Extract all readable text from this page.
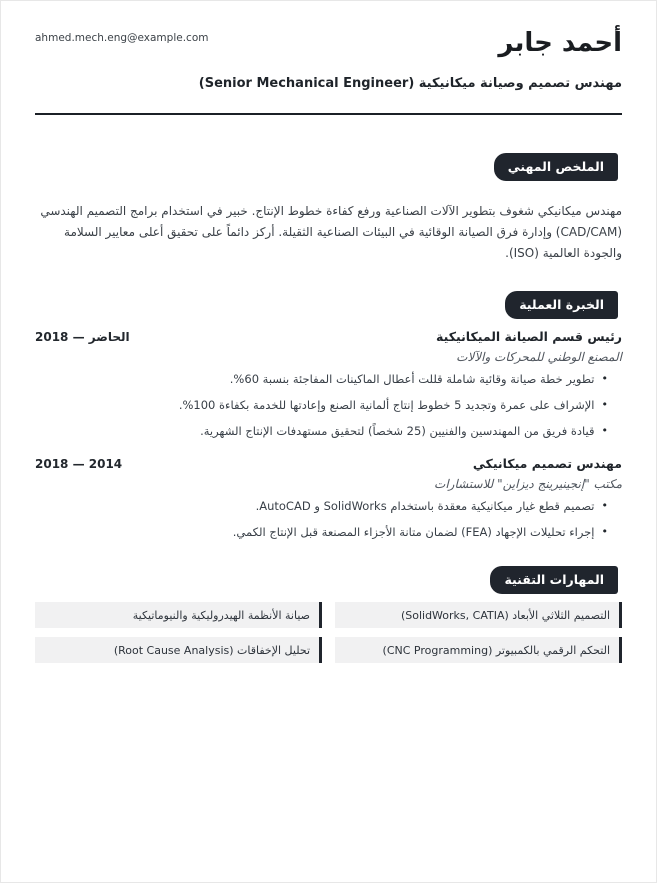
أحمد جابر
ahmed.mech.eng@example.com
مهندس تصميم وصيانة ميكانيكية (Senior Mechanical Engineer)
الملخص المهني

مهندس ميكانيكي شغوف بتطوير الآلات الصناعية ورفع كفاءة خطوط الإنتاج. خبير في استخدام برامج التصميم الهندسي (CAD/CAM) وإدارة فرق الصيانة الوقائية في البيئات الصناعية الثقيلة. أركز دائماً على تحقيق أعلى معايير السلامة والجودة العالمية (ISO).

الخبرة العملية
رئيس قسم الصيانة الميكانيكية
2018 — الحاضر
المصنع الوطني للمحركات والآلات
•
تطوير خطة صيانة وقائية شاملة قللت أعطال الماكينات المفاجئة بنسبة 60%.
•
الإشراف على عمرة وتجديد 5 خطوط إنتاج ألمانية الصنع وإعادتها للخدمة بكفاءة 100%.
•
قيادة فريق من المهندسين والفنيين (25 شخصاً) لتحقيق مستهدفات الإنتاج الشهرية.
مهندس تصميم ميكانيكي
2018 — 2014
مكتب "إنجينيرينج ديزاين" للاستشارات
•
تصميم قطع غيار ميكانيكية معقدة باستخدام SolidWorks و AutoCAD.
•
إجراء تحليلات الإجهاد (FEA) لضمان متانة الأجزاء المصنعة قبل الإنتاج الكمي.
المهارات التقنية
التصميم الثلاثي الأبعاد (SolidWorks, CATIA)
صيانة الأنظمة الهيدروليكية والنيوماتيكية
التحكم الرقمي بالكمبيوتر (CNC Programming)
تحليل الإخفاقات (Root Cause Analysis)
